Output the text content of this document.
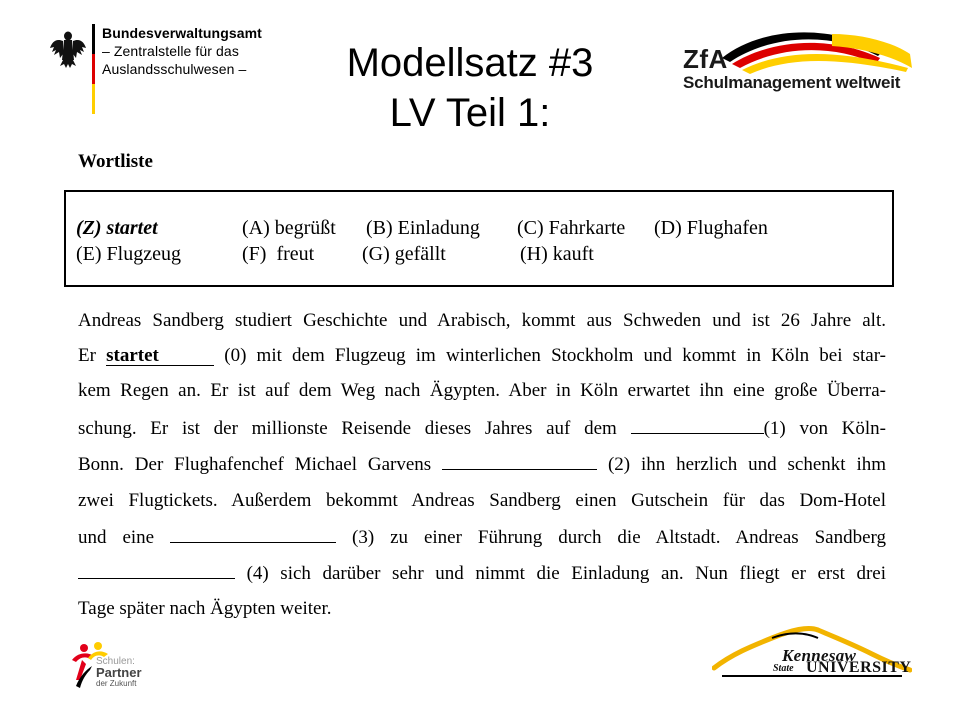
Bundesverwaltungsamt
– Zentralstelle für das
Auslandsschulwesen –	Modellsatz #3
LV Teil 1:
ZfA
Schulmanagement weltweit
Wortliste
(Z) startet	(A) begrüßt (B) Einladung (C) Fahrkarte (D) Flughafen
(E) Flugzeug	(F)  freut (G) gefällt	(H) kauft
Andreas Sandberg studiert Geschichte und Arabisch, kommt aus Schweden und ist 26 Jahre alt.
Er startet	(0) mit dem Flugzeug im winterlichen Stockholm und kommt in Köln bei star-
kem Regen an. Er ist auf dem Weg nach Ägypten. Aber in Köln erwartet ihn eine große Überra-
schung. Er ist der millionste Reisende dieses Jahres auf dem	(1) von Köln-
Bonn. Der Flughafenchef Michael Garvens	(2) ihn herzlich und schenkt ihm
zwei Flugtickets. Außerdem bekommt Andreas Sandberg einen Gutschein für das Dom-Hotel
und eine	(3) zu einer Führung durch die Altstadt. Andreas Sandberg
(4) sich darüber sehr und nimmt die Einladung an. Nun fliegt er erst drei
Tage später nach Ägypten weiter.
Schulen:
Partner
der Zukunft
Kennesaw
State UNIVERSITY
